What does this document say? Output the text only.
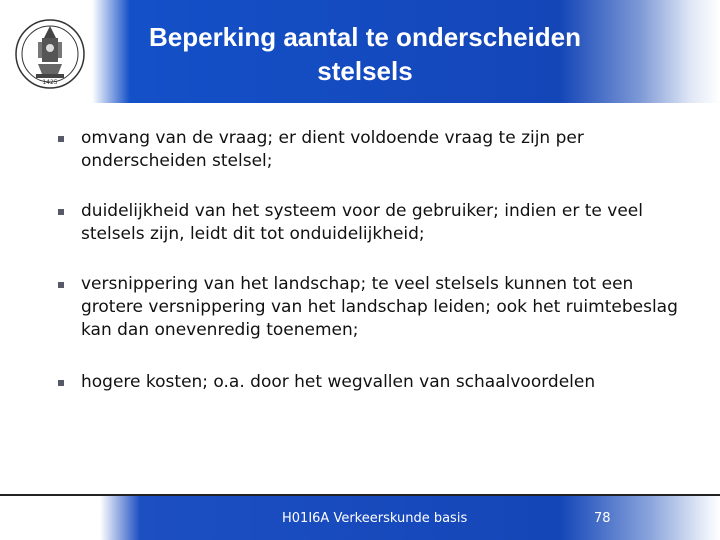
1425
Beperking aantal te onderscheiden stelsels
omvang van de vraag; er dient voldoende vraag te zijn per onderscheiden stelsel;
duidelijkheid van het systeem voor de gebruiker; indien er te veel stelsels zijn, leidt dit tot onduidelijkheid;
versnippering van het landschap; te veel stelsels kunnen tot een grotere versnippering van het landschap leiden; ook het ruimtebeslag kan dan onevenredig toenemen;
hogere kosten; o.a. door het wegvallen van schaalvoordelen
H01I6A Verkeerskunde basis	78
